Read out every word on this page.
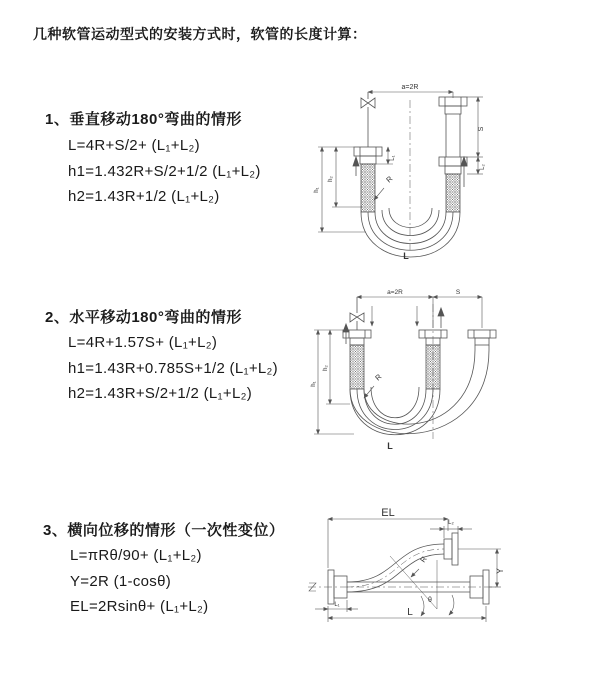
几种软管运动型式的安装方式时，软管的长度计算：
1、垂直移动180°弯曲的情形
L=4R+S/2+ (L₁+L₂)
h1=1.432R+S/2+1/2 (L₁+L₂)
h2=1.43R+1/2 (L₁+L₂)
2、水平移动180°弯曲的情形
L=4R+1.57S+ (L₁+L₂)
h1=1.43R+0.785S+1/2 (L₁+L₂)
h2=1.43R+S/2+1/2 (L₁+L₂)
3、横向位移的情形（一次性变位）
L=πRθ/90+ (L₁+L₂)
Y=2R (1-cosθ)
EL=2Rsinθ+ (L₁+L₂)
a=2R
L₁
S
L₂
h₂
h₁
R
L
a=2R	S
h₂
h₁
R
L
EL
L₂
Y
R
θ
L
L₁
